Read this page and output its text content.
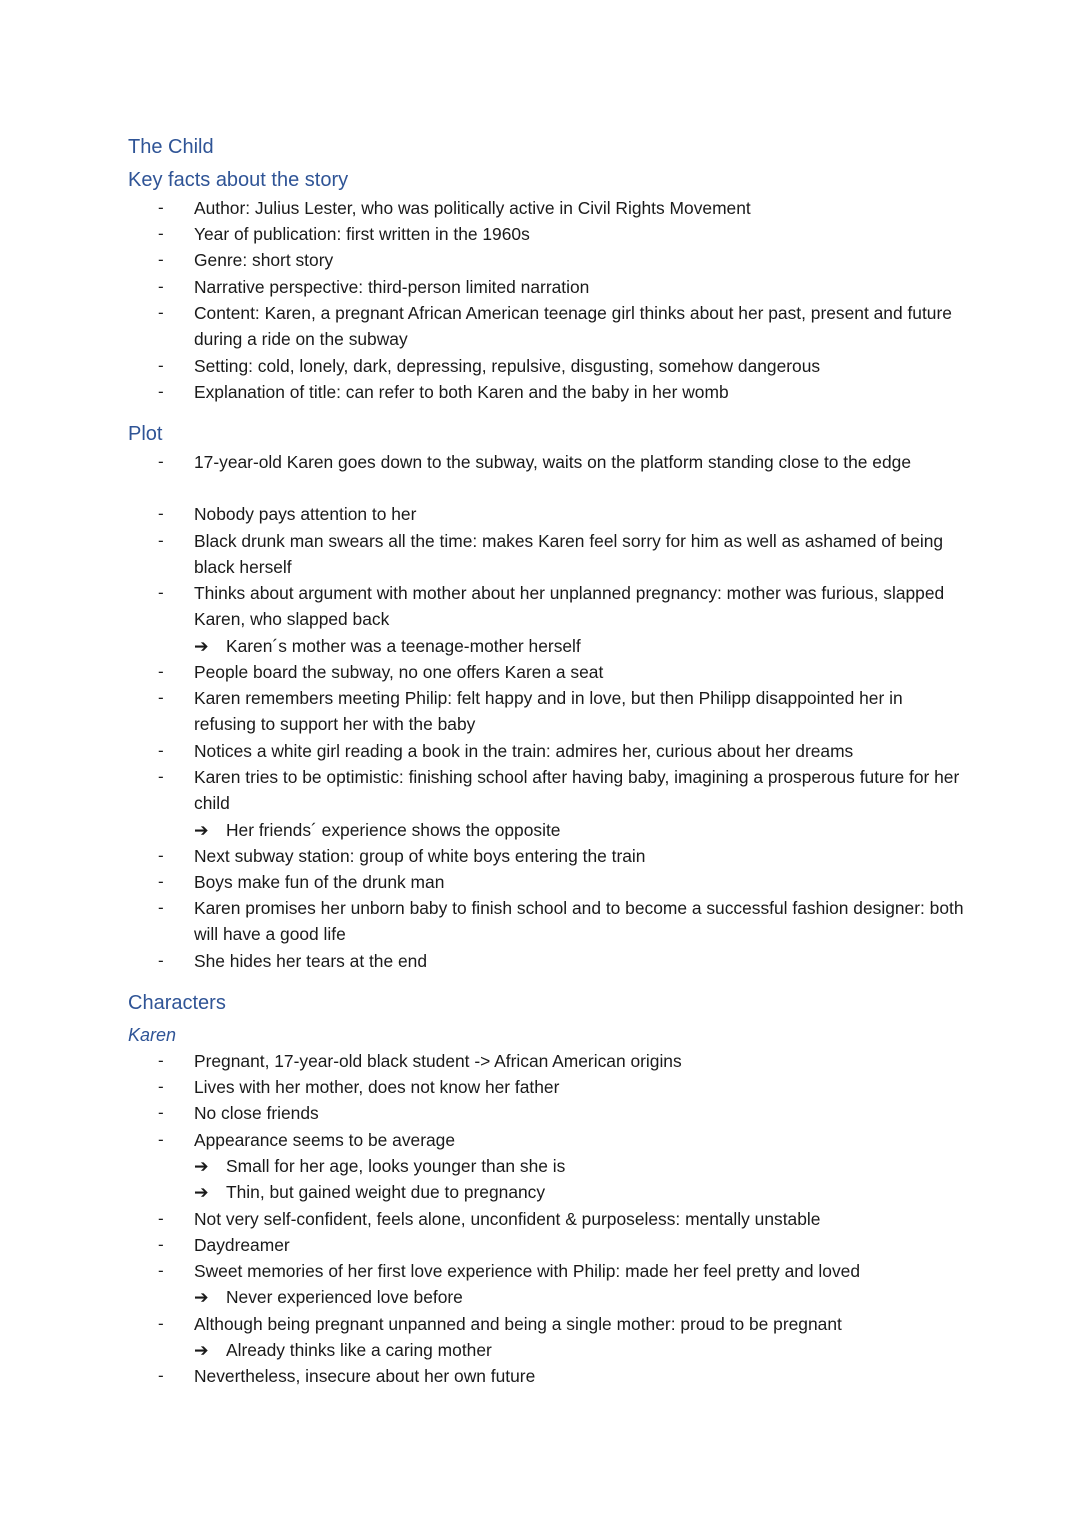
The Child
Key facts about the story
- Author: Julius Lester, who was politically active in Civil Rights Movement
- Year of publication: first written in the 1960s
- Genre: short story
- Narrative perspective: third-person limited narration
- Content: Karen, a pregnant African American teenage girl thinks about her past, present and future during a ride on the subway
- Setting: cold, lonely, dark, depressing, repulsive, disgusting, somehow dangerous
- Explanation of title: can refer to both Karen and the baby in her womb
Plot
- 17-year-old Karen goes down to the subway, waits on the platform standing close to the edge
- Nobody pays attention to her
- Black drunk man swears all the time: makes Karen feel sorry for him as well as ashamed of being black herself
- Thinks about argument with mother about her unplanned pregnancy: mother was furious, slapped Karen, who slapped back
➔ Karen´s mother was a teenage-mother herself
- People board the subway, no one offers Karen a seat
- Karen remembers meeting Philip: felt happy and in love, but then Philipp disappointed her in refusing to support her with the baby
- Notices a white girl reading a book in the train: admires her, curious about her dreams
- Karen tries to be optimistic: finishing school after having baby, imagining a prosperous future for her child
➔ Her friends´ experience shows the opposite
- Next subway station: group of white boys entering the train
- Boys make fun of the drunk man
- Karen promises her unborn baby to finish school and to become a successful fashion designer: both will have a good life
- She hides her tears at the end
Characters
Karen
- Pregnant, 17-year-old black student -> African American origins
- Lives with her mother, does not know her father
- No close friends
- Appearance seems to be average
➔ Small for her age, looks younger than she is
➔ Thin, but gained weight due to pregnancy
- Not very self-confident, feels alone, unconfident & purposeless: mentally unstable
- Daydreamer
- Sweet memories of her first love experience with Philip: made her feel pretty and loved
➔ Never experienced love before
- Although being pregnant unpanned and being a single mother: proud to be pregnant
➔ Already thinks like a caring mother
- Nevertheless, insecure about her own future
